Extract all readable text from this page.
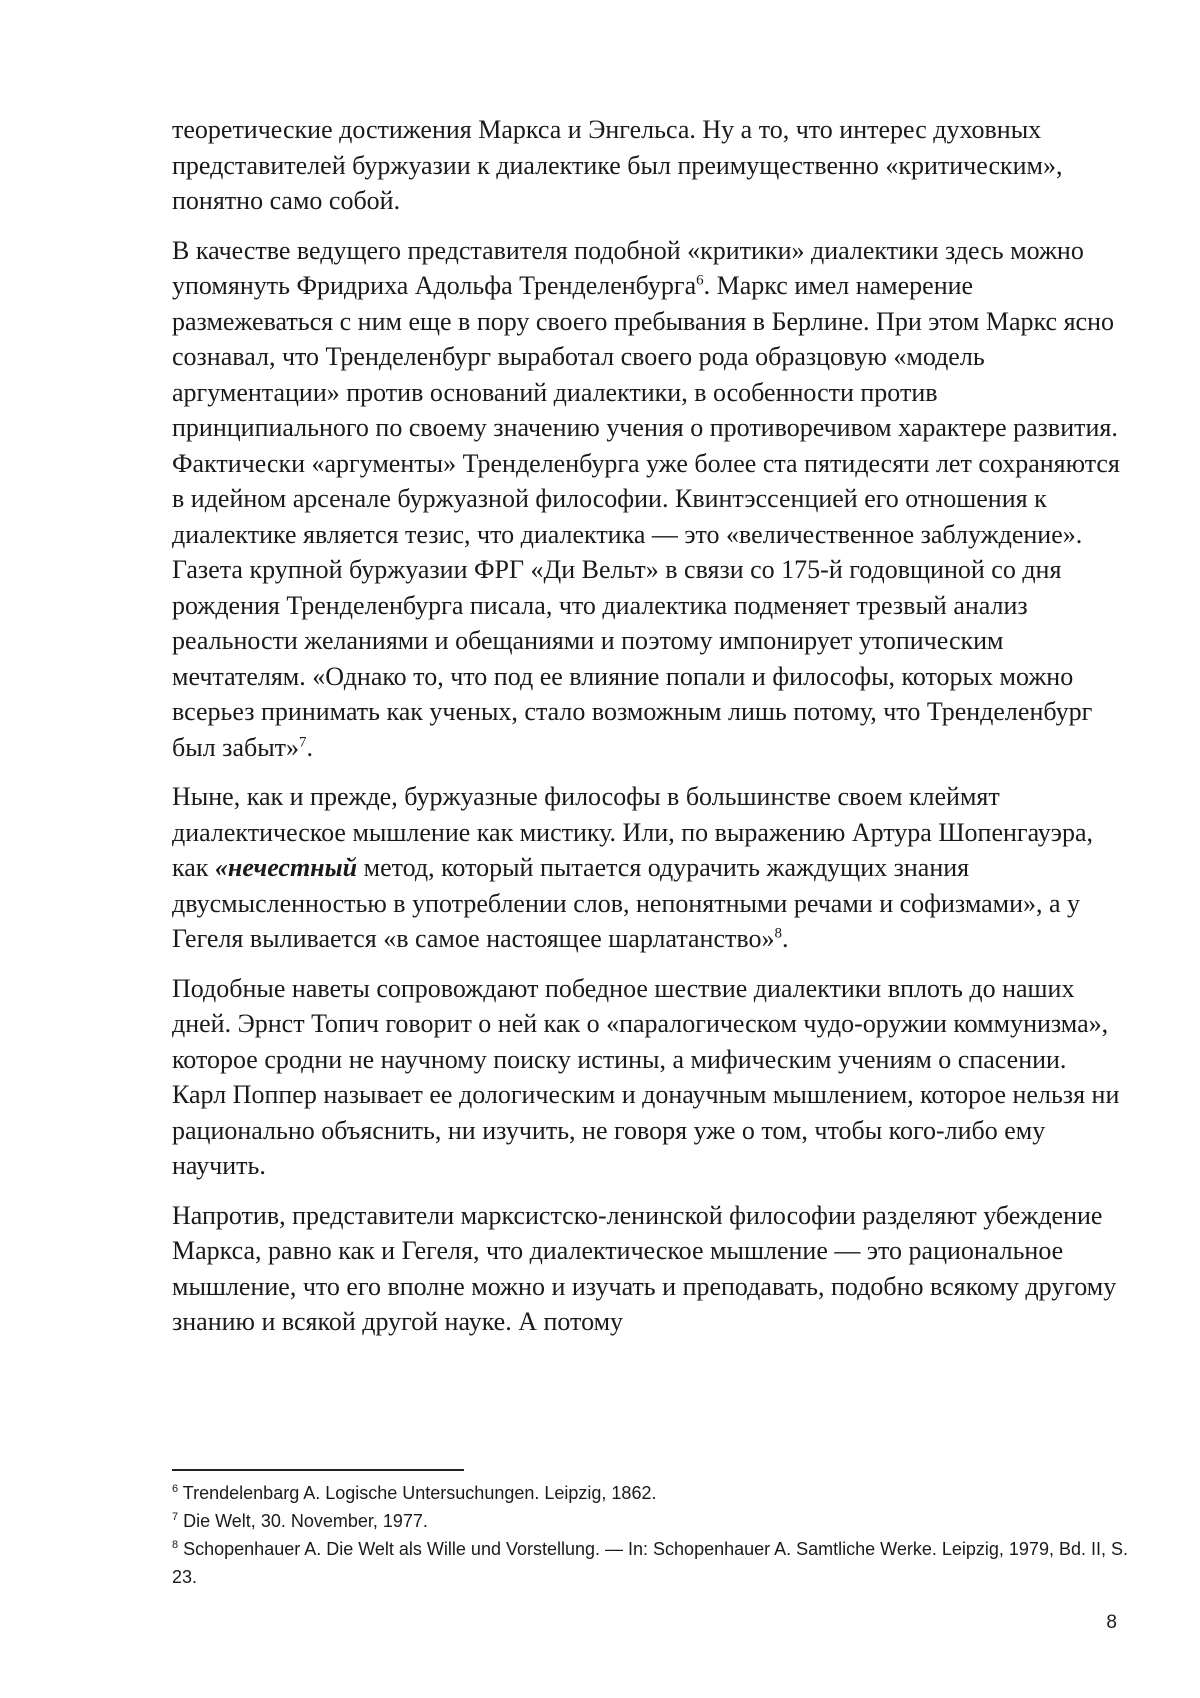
теоретические достижения Маркса и Энгельса. Ну а то, что интерес духовных представителей буржуазии к диалектике был преимущественно «критическим», понятно само собой.

В качестве ведущего представителя подобной «критики» диалектики здесь можно упомянуть Фридриха Адольфа Тренделенбурга$^6$. Маркс имел намерение размежеваться с ним еще в пору своего пребывания в Берлине. При этом Маркс ясно сознавал, что Тренделенбург выработал своего рода образцовую «модель аргументации» против оснований диалектики, в особенности против принципиального по своему значению учения о противоречивом характере развития. Фактически «аргументы» Тренделенбурга уже более ста пятидесяти лет сохраняются в идейном арсенале буржуазной философии. Квинтэссенцией его отношения к диалектике является тезис, что диалектика — это «величественное заблуждение». Газета крупной буржуазии ФРГ «Ди Вельт» в связи со 175-й годовщиной со дня рождения Тренделенбурга писала, что диалектика подменяет трезвый анализ реальности желаниями и обещаниями и поэтому импонирует утопическим мечтателям. «Однако то, что под ее влияние попали и философы, которых можно всерьез принимать как ученых, стало возможным лишь потому, что Тренделенбург был забыт»$^7$.

Ныне, как и прежде, буржуазные философы в большинстве своем клеймят диалектическое мышление как мистику. Или, по выражению Артура Шопенгауэра, как «нечестный метод, который пытается одурачить жаждущих знания двусмысленностью в употреблении слов, непонятными речами и софизмами», а у Гегеля выливается «в самое настоящее шарлатанство»$^8$.

Подобные наветы сопровождают победное шествие диалектики вплоть до наших дней. Эрнст Топич говорит о ней как о «паралогическом чудо-оружии коммунизма», которое сродни не научному поиску истины, а мифическим учениям о спасении. Карл Поппер называет ее дологическим и донаучным мышлением, которое нельзя ни рационально объяснить, ни изучить, не говоря уже о том, чтобы кого-либо ему научить.

Напротив, представители марксистско-ленинской философии разделяют убеждение Маркса, равно как и Гегеля, что диалектическое мышление — это рациональное мышление, что его вполне можно и изучать и преподавать, подобно всякому другому знанию и всякой другой науке. А потому

$^6$ Trendelenbarg A. Logische Untersuchungen. Leipzig, 1862.

$^7$ Die Welt, 30. November, 1977.

$^8$ Schopenhauer A. Die Welt als Wille und Vorstellung. — In: Schopenhauer A. Samtliche Werke. Leipzig, 1979, Bd. II, S. 23.

8
